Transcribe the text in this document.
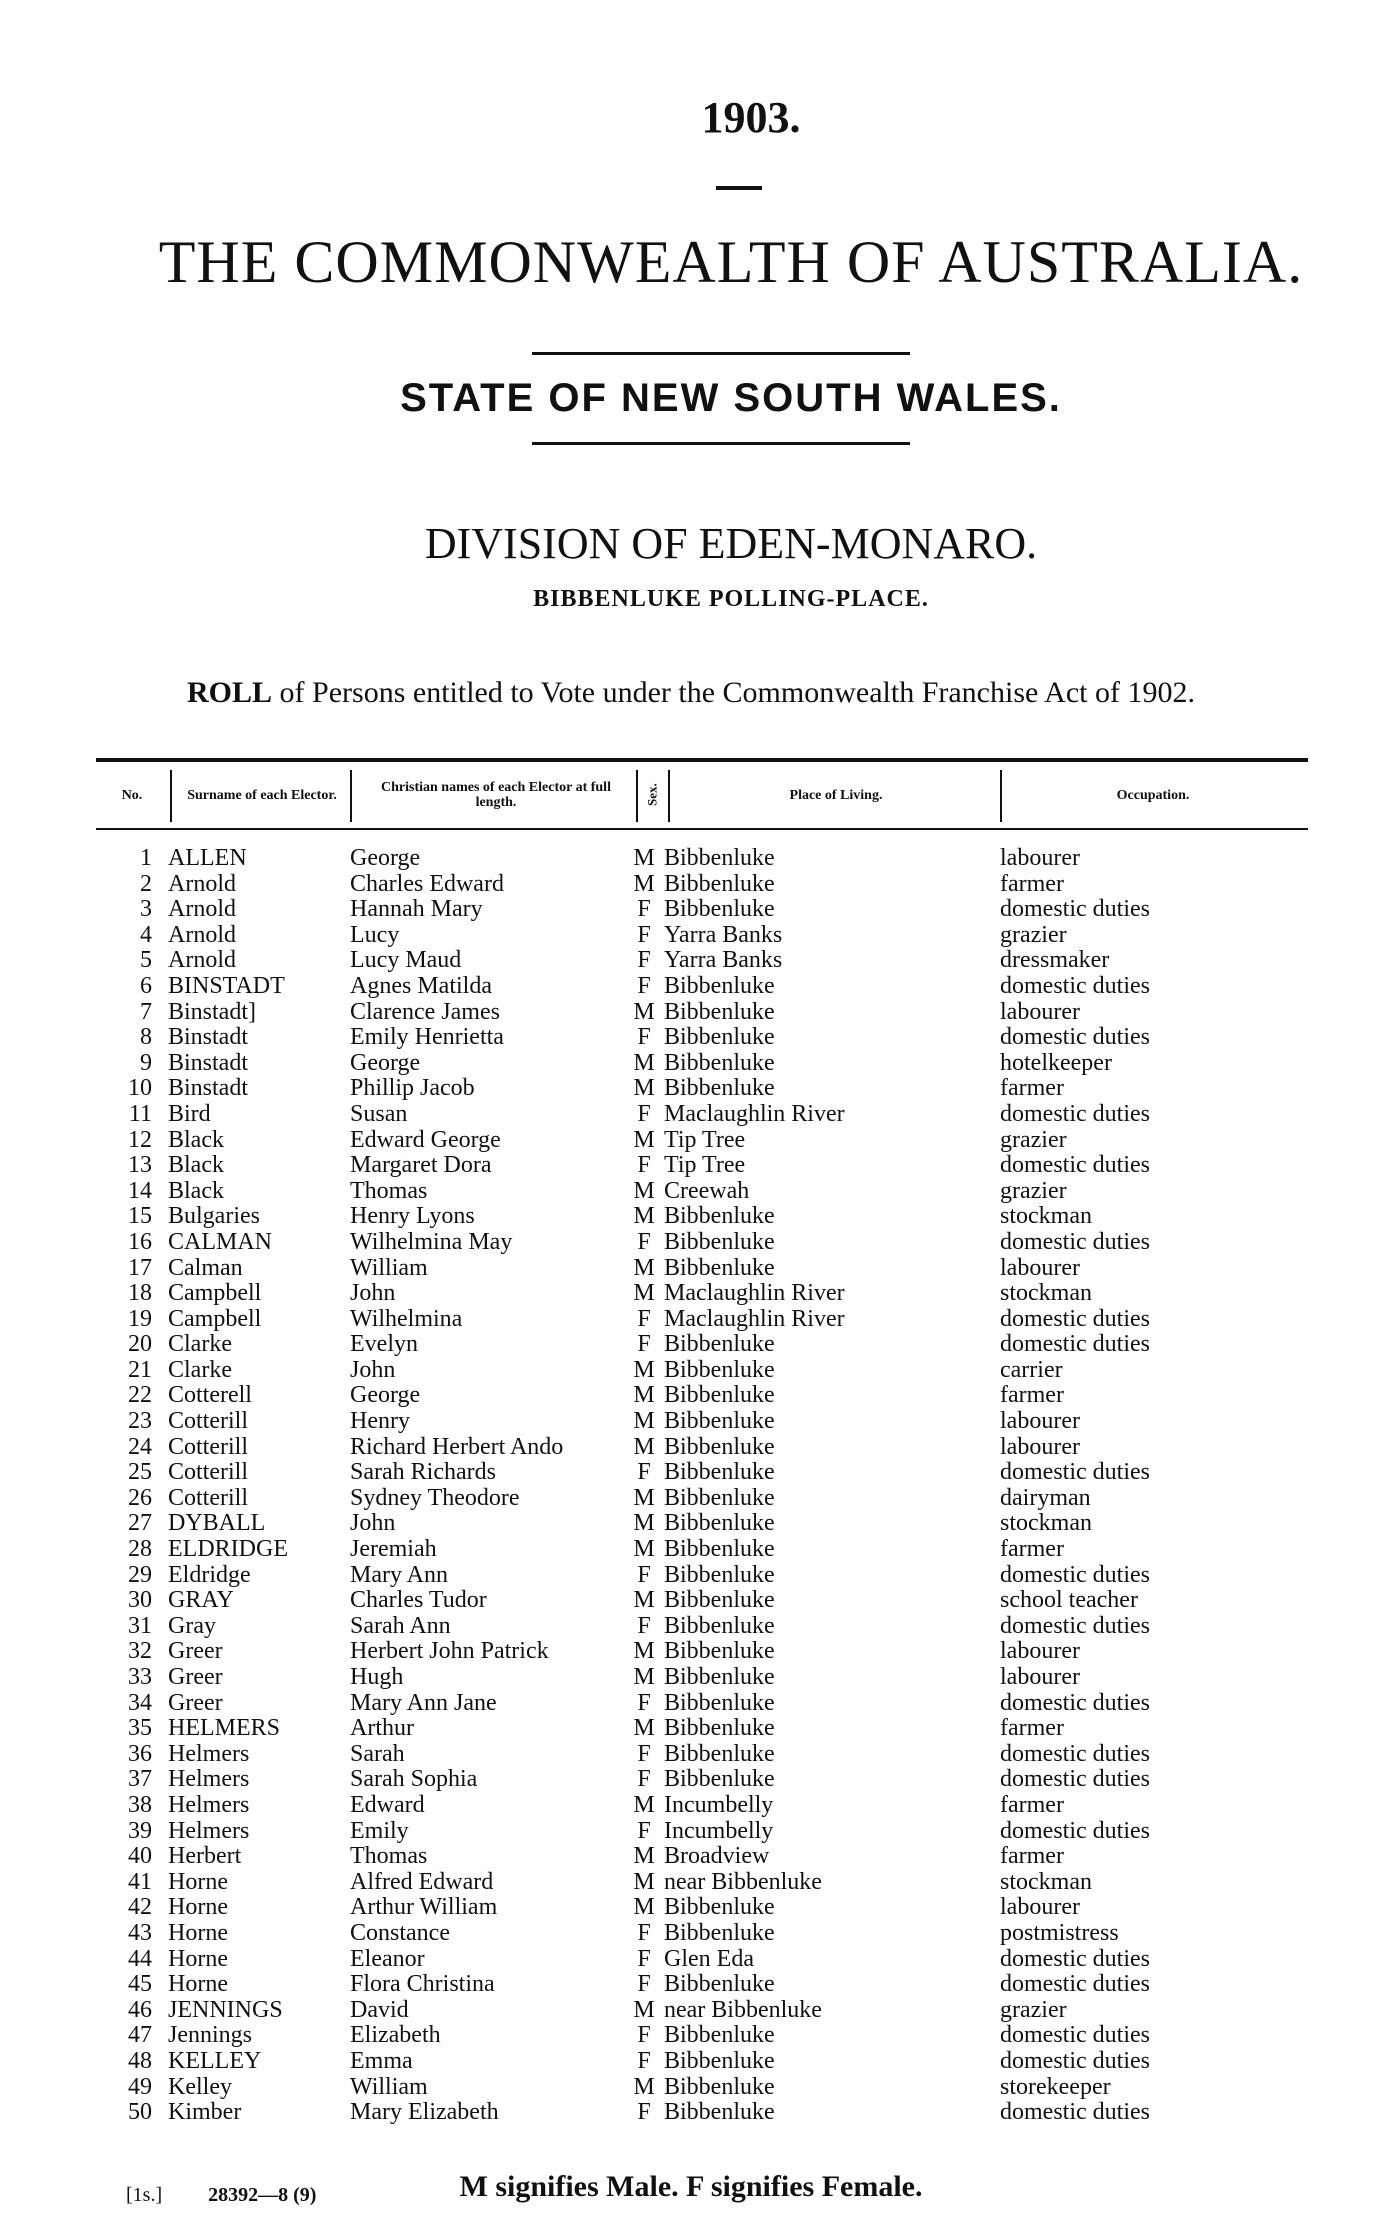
1903.
THE COMMONWEALTH OF AUSTRALIA.
STATE OF NEW SOUTH WALES.
DIVISION OF EDEN-MONARO.
BIBBENLUKE POLLING-PLACE.
ROLL of Persons entitled to Vote under the Commonwealth Franchise Act of 1902.
No.	Surname of each Elector.	Christian names of each Elector at full length.	Sex.	Place of Living.	Occupation.
1 ALLEN	George	M Bibbenluke	labourer
2 Arnold	Charles Edward	M Bibbenluke	farmer
3 Arnold	Hannah Mary	F Bibbenluke	domestic duties
4 Arnold	Lucy	F Yarra Banks	grazier
5 Arnold	Lucy Maud	F Yarra Banks	dressmaker
6 BINSTADT	Agnes Matilda	F Bibbenluke	domestic duties
7 Binstadt]	Clarence James	M Bibbenluke	labourer
8 Binstadt	Emily Henrietta	F Bibbenluke	domestic duties
9 Binstadt	George	M Bibbenluke	hotelkeeper
10 Binstadt	Phillip Jacob	M Bibbenluke	farmer
11 Bird	Susan	F Maclaughlin River	domestic duties
12 Black	Edward George	M Tip Tree	grazier
13 Black	Margaret Dora	F Tip Tree	domestic duties
14 Black	Thomas	M Creewah	grazier
15 Bulgaries	Henry Lyons	M Bibbenluke	stockman
16 CALMAN	Wilhelmina May	F Bibbenluke	domestic duties
17 Calman	William	M Bibbenluke	labourer
18 Campbell	John	M Maclaughlin River	stockman
19 Campbell	Wilhelmina	F Maclaughlin River	domestic duties
20 Clarke	Evelyn	F Bibbenluke	domestic duties
21 Clarke	John	M Bibbenluke	carrier
22 Cotterell	George	M Bibbenluke	farmer
23 Cotterill	Henry	M Bibbenluke	labourer
24 Cotterill	Richard Herbert Ando	M Bibbenluke	labourer
25 Cotterill	Sarah Richards	F Bibbenluke	domestic duties
26 Cotterill	Sydney Theodore	M Bibbenluke	dairyman
27 DYBALL	John	M Bibbenluke	stockman
28 ELDRIDGE	Jeremiah	M Bibbenluke	farmer
29 Eldridge	Mary Ann	F Bibbenluke	domestic duties
30 GRAY	Charles Tudor	M Bibbenluke	school teacher
31 Gray	Sarah Ann	F Bibbenluke	domestic duties
32 Greer	Herbert John Patrick	M Bibbenluke	labourer
33 Greer	Hugh	M Bibbenluke	labourer
34 Greer	Mary Ann Jane	F Bibbenluke	domestic duties
35 HELMERS	Arthur	M Bibbenluke	farmer
36 Helmers	Sarah	F Bibbenluke	domestic duties
37 Helmers	Sarah Sophia	F Bibbenluke	domestic duties
38 Helmers	Edward	M Incumbelly	farmer
39 Helmers	Emily	F Incumbelly	domestic duties
40 Herbert	Thomas	M Broadview	farmer
41 Horne	Alfred Edward	M near Bibbenluke	stockman
42 Horne	Arthur William	M Bibbenluke	labourer
43 Horne	Constance	F Bibbenluke	postmistress
44 Horne	Eleanor	F Glen Eda	domestic duties
45 Horne	Flora Christina	F Bibbenluke	domestic duties
46 JENNINGS	David	M near Bibbenluke	grazier
47 Jennings	Elizabeth	F Bibbenluke	domestic duties
48 KELLEY	Emma	F Bibbenluke	domestic duties
49 Kelley	William	M Bibbenluke	storekeeper
50 Kimber	Mary Elizabeth	F Bibbenluke	domestic duties
M signifies Male. F signifies Female.
[1s.] 28392—8 (9)
